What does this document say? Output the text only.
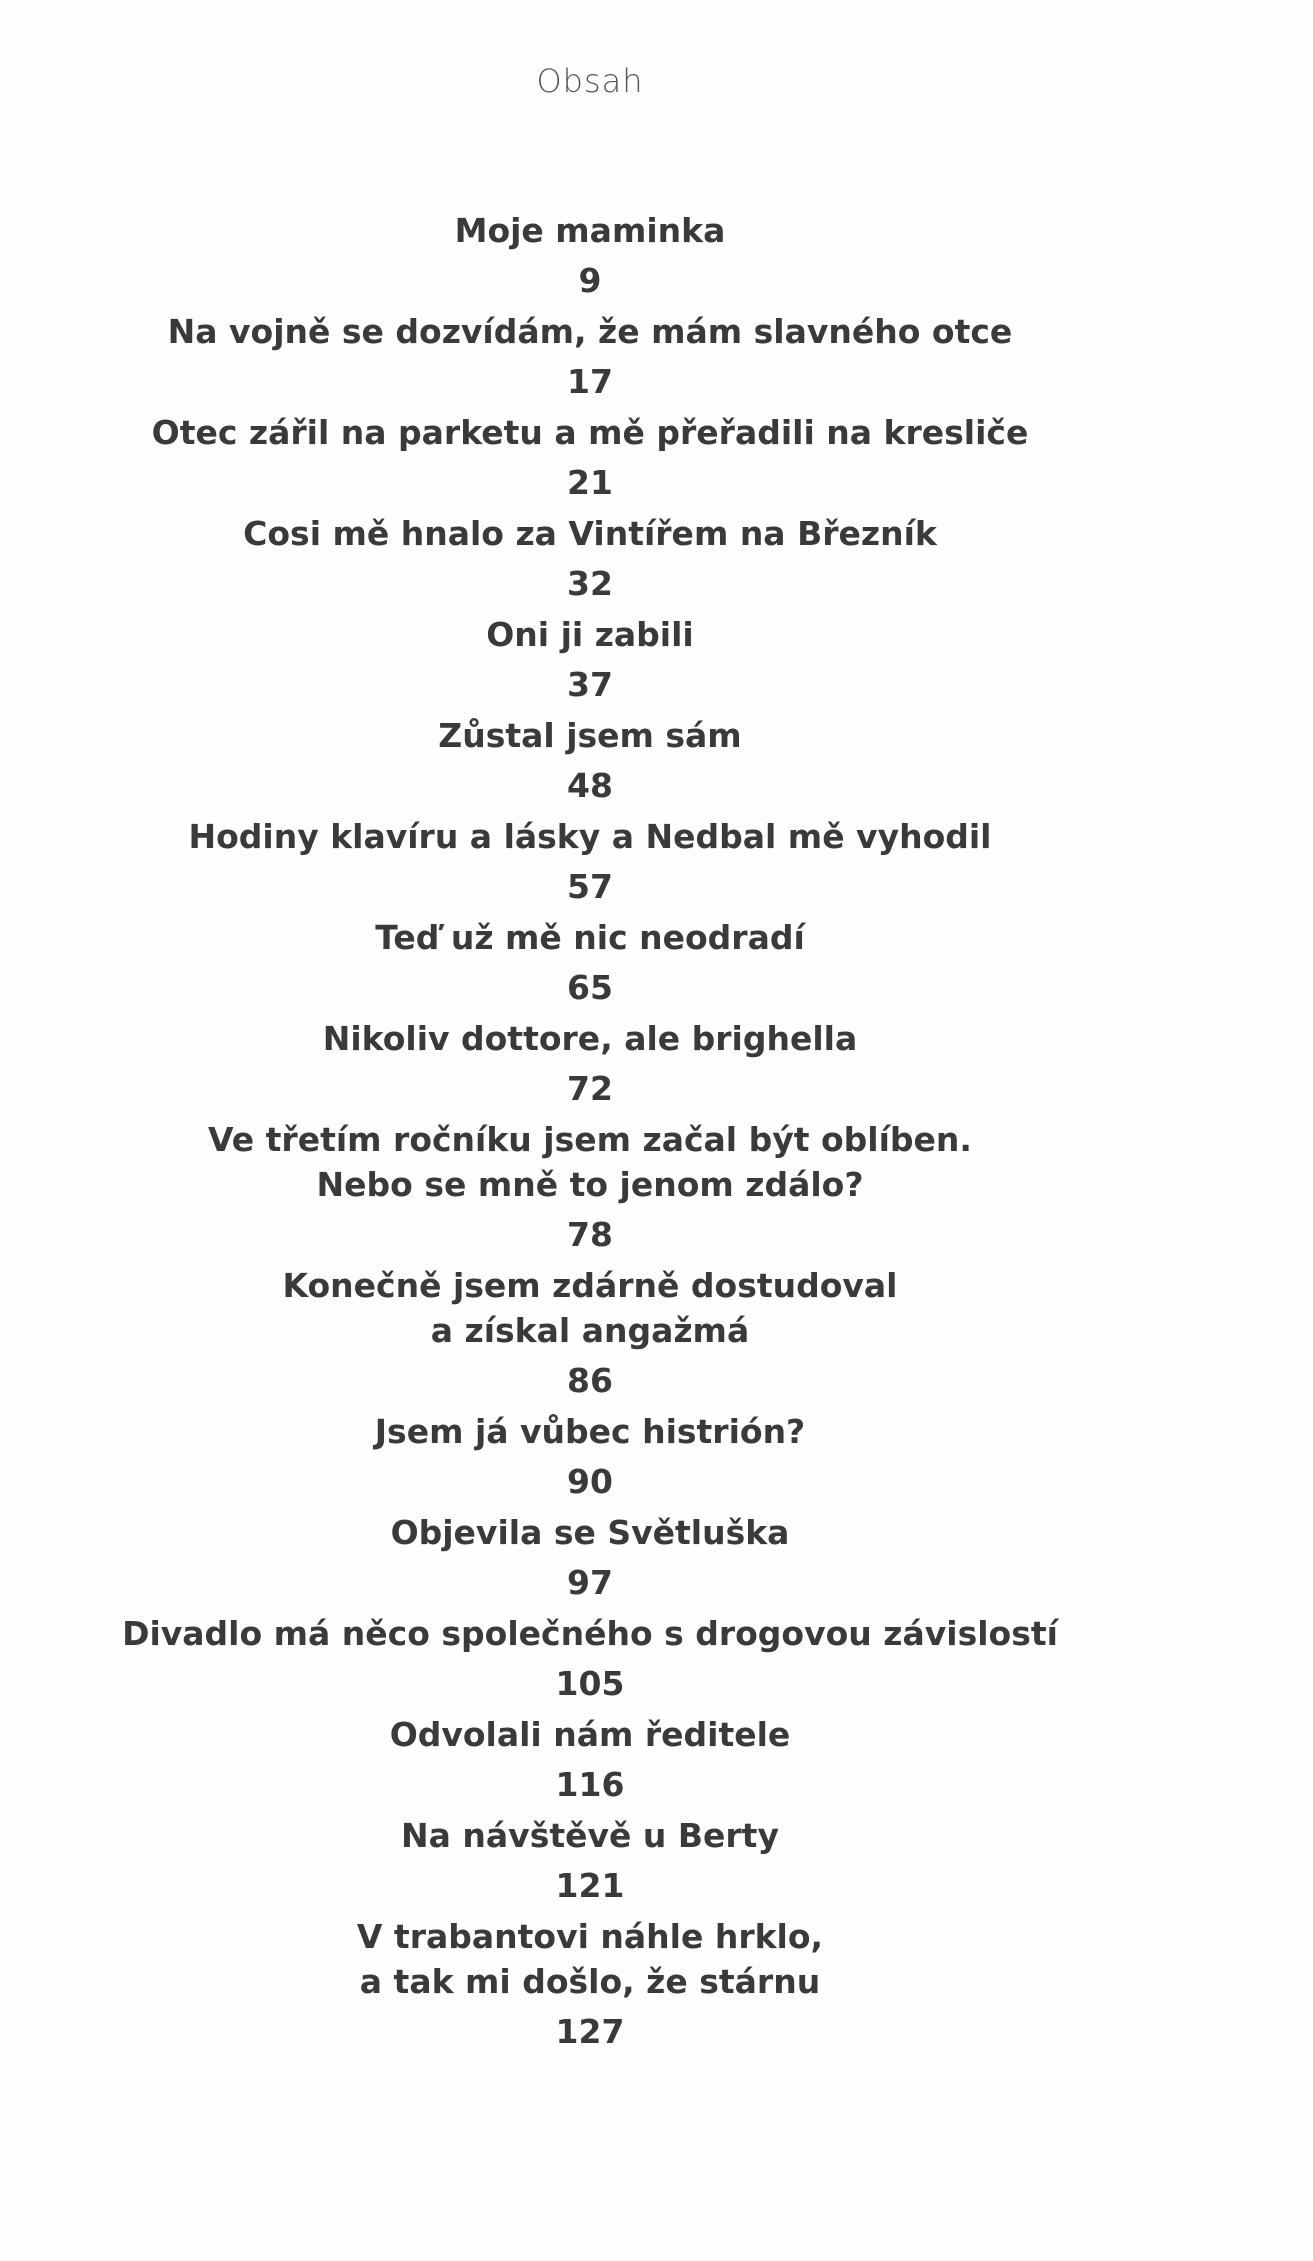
Obsah
Moje maminka
9
Na vojně se dozvídám, že mám slavného otce
17
Otec zářil na parketu a mě přeřadili na kresliče
21
Cosi mě hnalo za Vintířem na Březník
32
Oni ji zabili
37
Zůstal jsem sám
48
Hodiny klavíru a lásky a Nedbal mě vyhodil
57
Teď už mě nic neodradí
65
Nikoliv dottore, ale brighella
72
Ve třetím ročníku jsem začal být oblíben.
Nebo se mně to jenom zdálo?
78
Konečně jsem zdárně dostudoval
a získal angažmá
86
Jsem já vůbec histrión?
90
Objevila se Světluška
97
Divadlo má něco společného s drogovou závislostí
105
Odvolali nám ředitele
116
Na návštěvě u Berty
121
V trabantovi náhle hrklo,
a tak mi došlo, že stárnu
127
